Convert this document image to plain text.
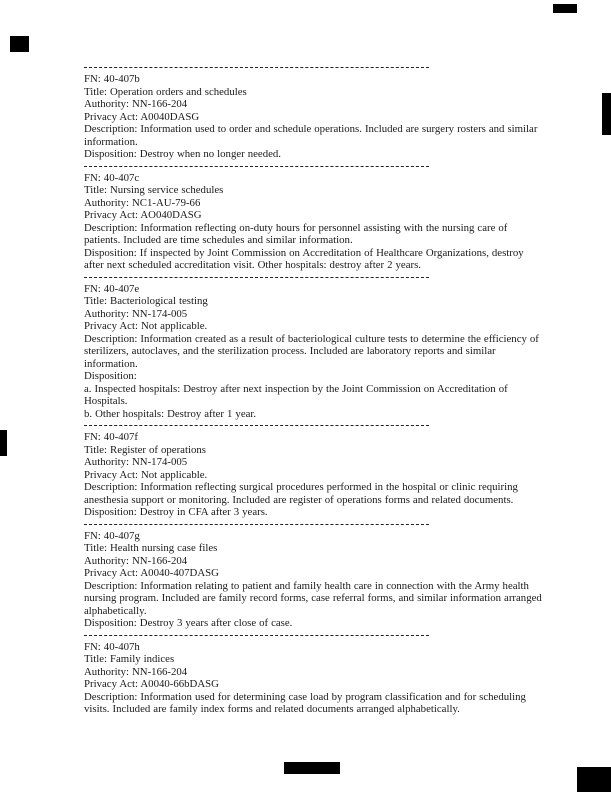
FN: 40-407b

Title: Operation orders and schedules

Authority: NN-166-204

Privacy Act: A0040DASG

Description: Information used to order and schedule operations. Included are surgery rosters and similar information.

Disposition: Destroy when no longer needed.

FN: 40-407c

Title: Nursing service schedules

Authority: NC1-AU-79-66

Privacy Act: AO040DASG

Description: Information reflecting on-duty hours for personnel assisting with the nursing care of patients. Included are time schedules and similar information.

Disposition: If inspected by Joint Commission on Accreditation of Healthcare Organizations, destroy after next scheduled accreditation visit. Other hospitals: destroy after 2 years.

FN: 40-407e

Title: Bacteriological testing

Authority: NN-174-005

Privacy Act: Not applicable.

Description: Information created as a result of bacteriological culture tests to determine the efficiency of sterilizers, autoclaves, and the sterilization process. Included are laboratory reports and similar information.

Disposition:

a. Inspected hospitals: Destroy after next inspection by the Joint Commission on Accreditation of Hospitals.

b. Other hospitals: Destroy after 1 year.

FN: 40-407f

Title: Register of operations

Authority: NN-174-005

Privacy Act: Not applicable.

Description: Information reflecting surgical procedures performed in the hospital or clinic requiring anesthesia support or monitoring. Included are register of operations forms and related documents.

Disposition: Destroy in CFA after 3 years.

FN: 40-407g

Title: Health nursing case files

Authority: NN-166-204

Privacy Act: A0040-407DASG

Description: Information relating to patient and family health care in connection with the Army health nursing program. Included are family record forms, case referral forms, and similar information arranged alphabetically.

Disposition: Destroy 3 years after close of case.

FN: 40-407h

Title: Family indices

Authority: NN-166-204

Privacy Act: A0040-66bDASG

Description: Information used for determining case load by program classification and for scheduling visits. Included are family index forms and related documents arranged alphabetically.
